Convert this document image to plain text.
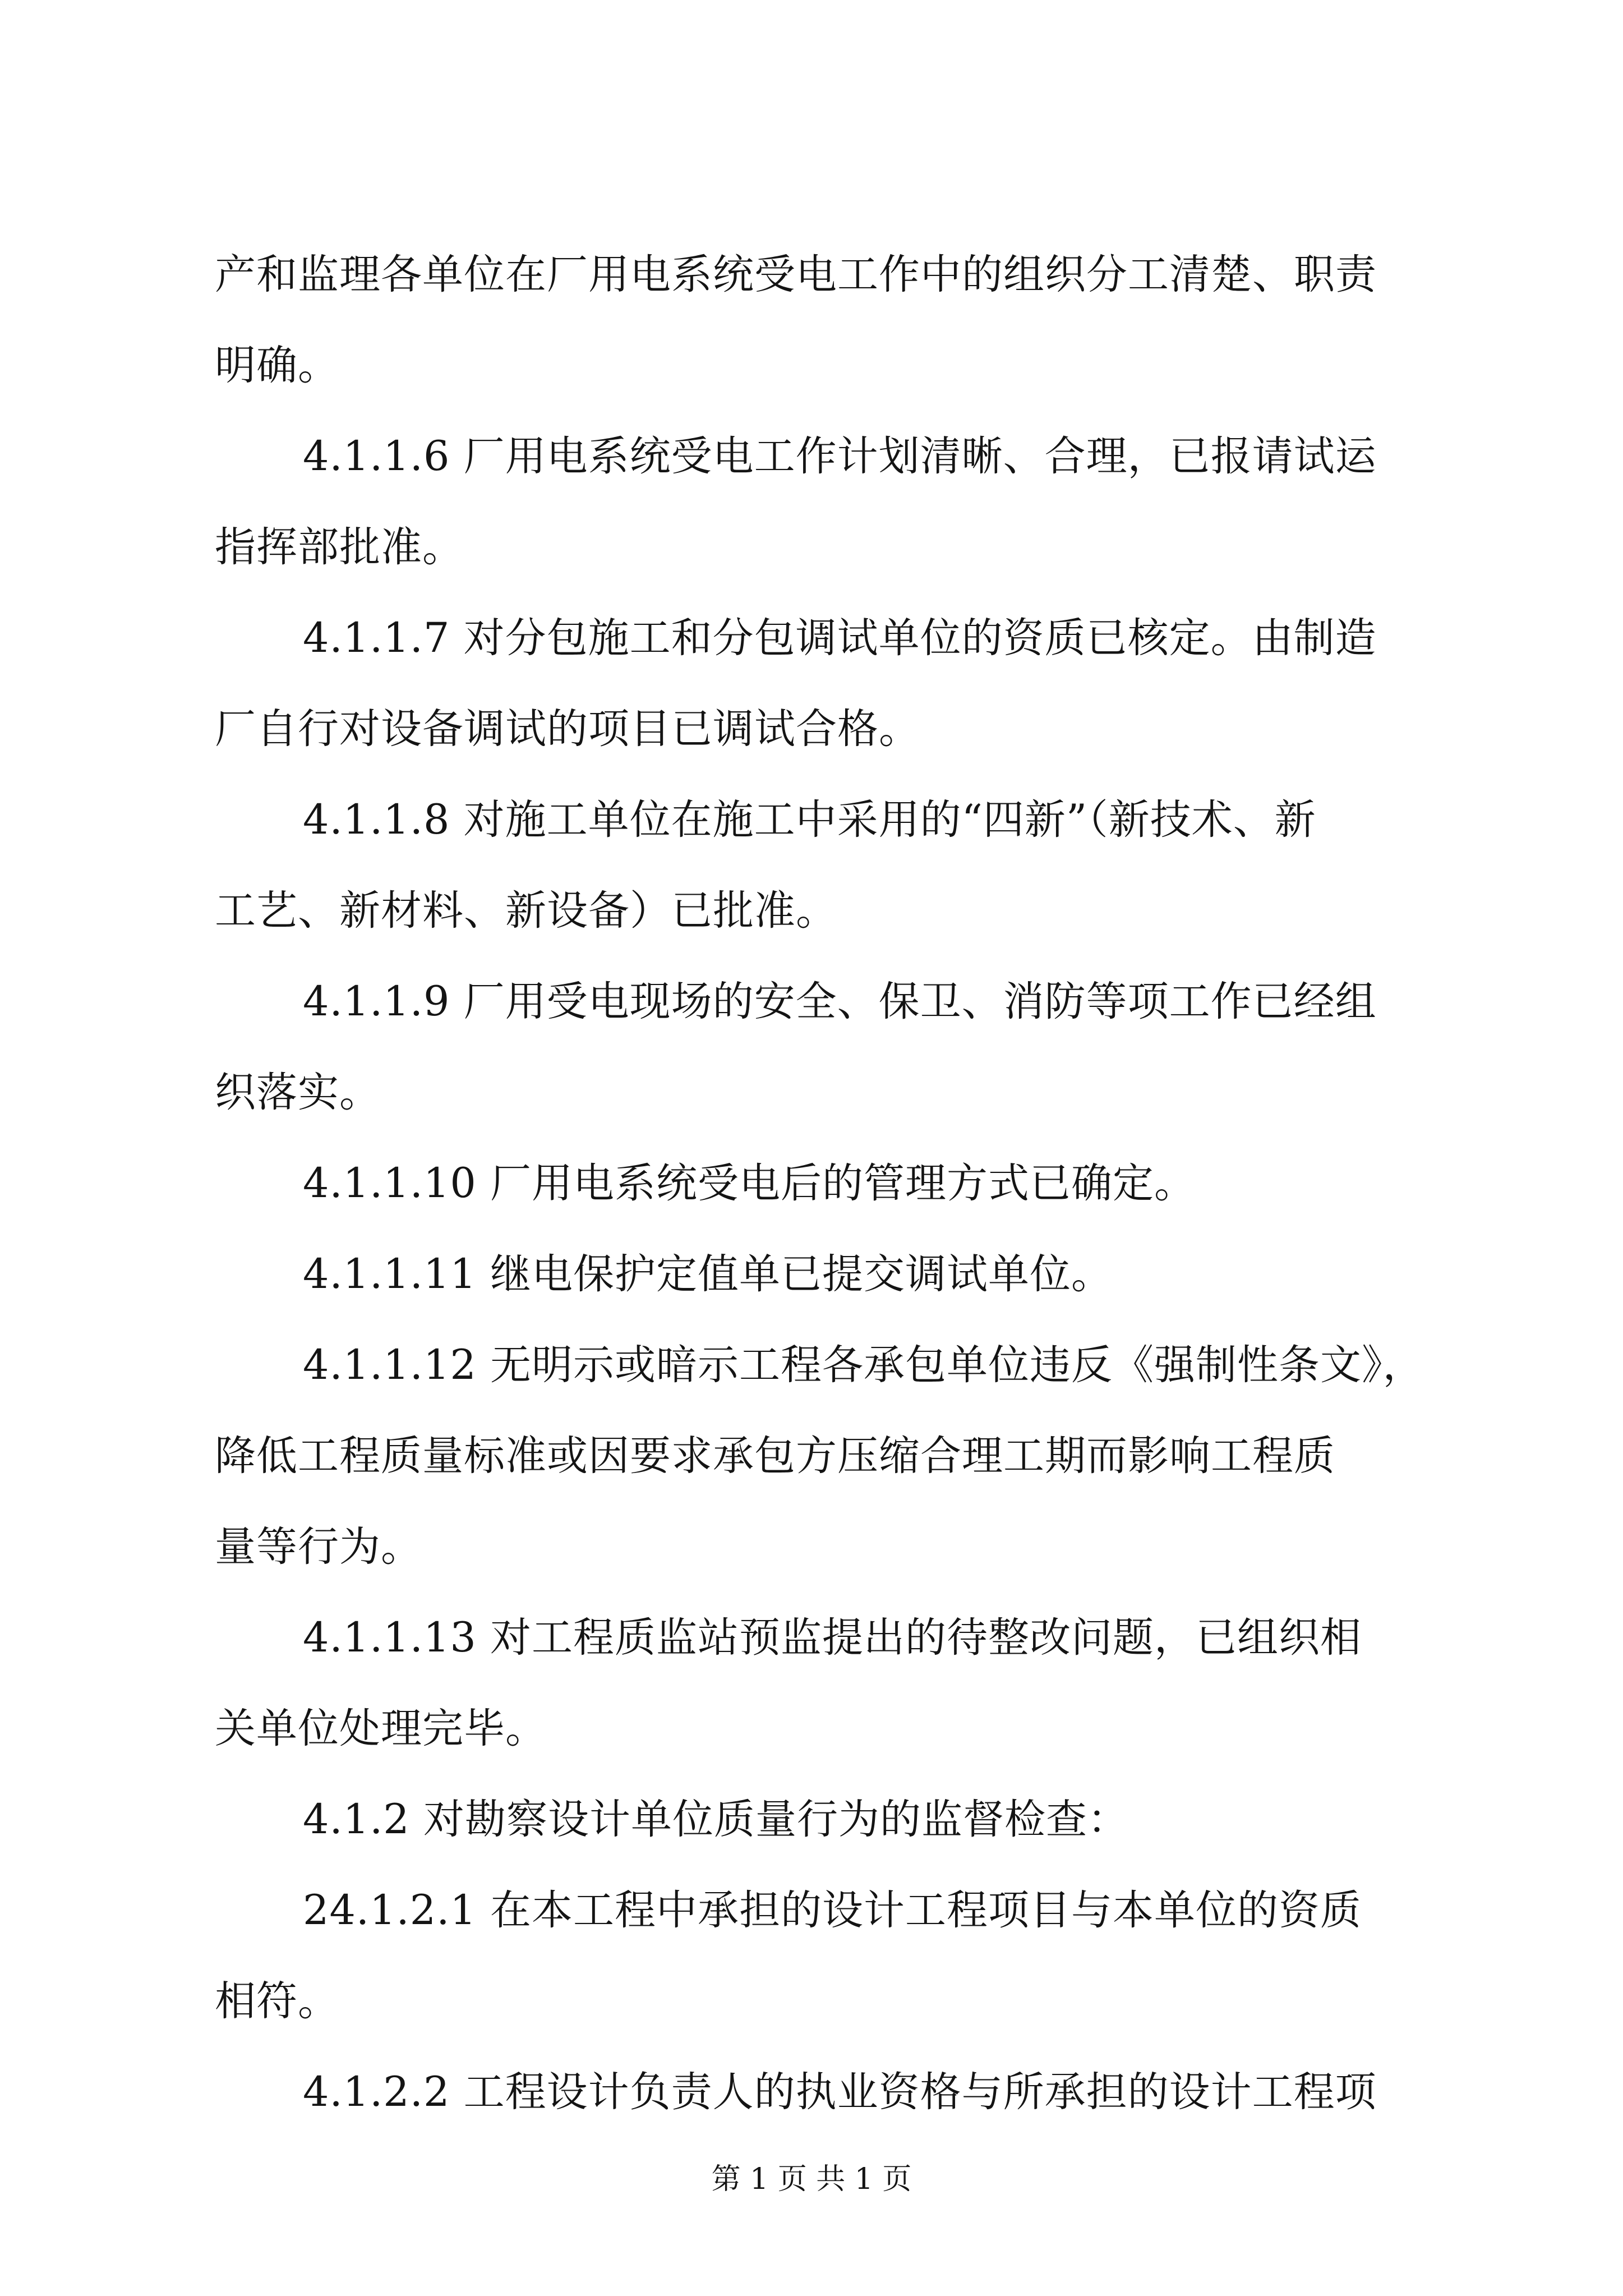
产和监理各单位在厂用电系统受电工作中的组织分工清楚、职责
明确。
4.1.1.6 厂用电系统受电工作计划清晰、合理，已报请试运
指挥部批准。
4.1.1.7 对分包施工和分包调试单位的资质已核定。由制造
厂自行对设备调试的项目已调试合格。
4.1.1.8 对施工单位在施工中采用的“四新”（新技术、新
工艺、新材料、新设备）已批准。
4.1.1.9 厂用受电现场的安全、保卫、消防等项工作已经组
织落实。
4.1.1.10 厂用电系统受电后的管理方式已确定。
4.1.1.11 继电保护定值单已提交调试单位。
4.1.1.12 无明示或暗示工程各承包单位违反《强制性条文》，
降低工程质量标准或因要求承包方压缩合理工期而影响工程质
量等行为。
4.1.1.13 对工程质监站预监提出的待整改问题，已组织相
关单位处理完毕。
4.1.2 对勘察设计单位质量行为的监督检查：
第 1 页 共 1 页
24.1.2.1 在本工程中承担的设计工程项目与本单位的资质
相符。
4.1.2.2 工程设计负责人的执业资格与所承担的设计工程项
